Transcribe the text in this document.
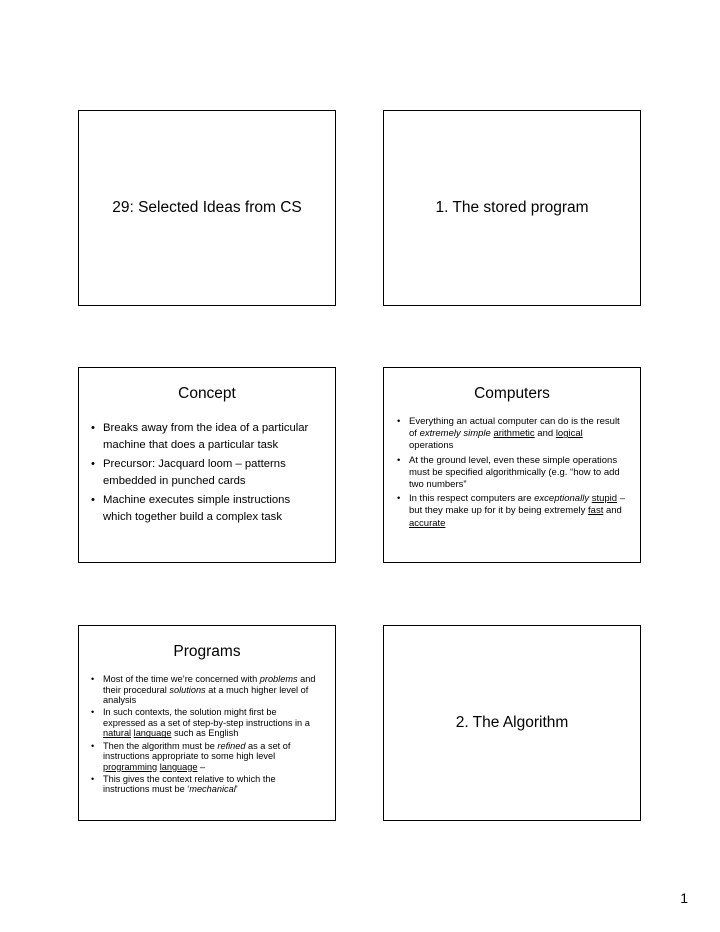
29: Selected Ideas from CS	1. The stored program
Concept
• Breaks away from the idea of a particular machine that does a particular task
• Precursor: Jacquard loom – patterns embedded in punched cards
• Machine executes simple instructions which together build a complex task
Computers
• Everything an actual computer can do is the result of extremely simple arithmetic and logical operations
• At the ground level, even these simple operations must be specified algorithmically (e.g. “how to add two numbers”
• In this respect computers are exceptionally stupid – but they make up for it by being extremely fast and accurate
Programs
• Most of the time we’re concerned with problems and their procedural solutions at a much higher level of analysis
• In such contexts, the solution might first be expressed as a set of step-by-step instructions in a natural language such as English
• Then the algorithm must be refined as a set of instructions appropriate to some high level programming language –
• This gives the context relative to which the instructions must be ‘mechanical’
2. The Algorithm
1
